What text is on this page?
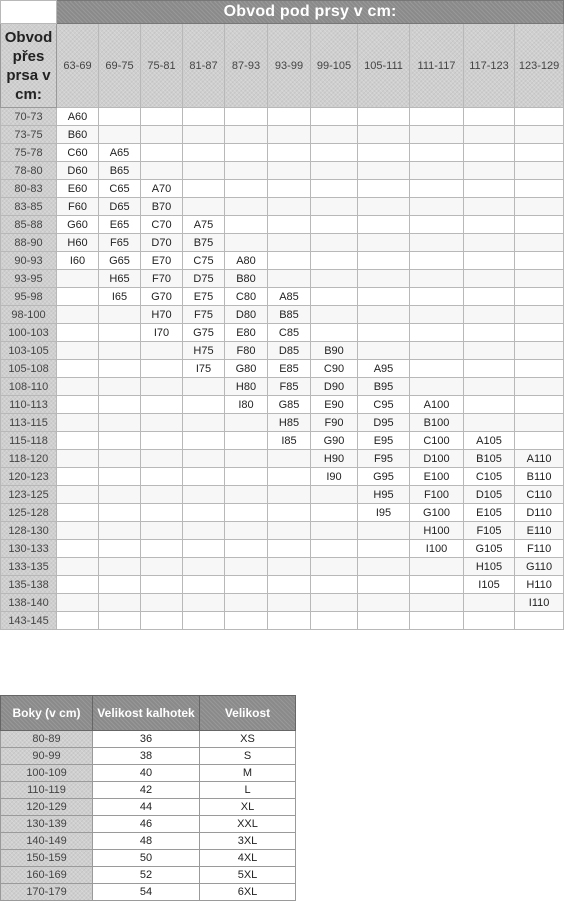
	Obvod pod prsy v cm:										
Obvod přes prsa v cm:	63-69	69-75	75-81	81-87	87-93	93-99	99-105	105-111	111-117	117-123	123-129
70-73	A60										
73-75	B60										
75-78	C60	A65									
78-80	D60	B65									
80-83	E60	C65	A70								
83-85	F60	D65	B70								
85-88	G60	E65	C70	A75							
88-90	H60	F65	D70	B75							
90-93	I60	G65	E70	C75	A80						
93-95		H65	F70	D75	B80						
95-98		I65	G70	E75	C80	A85					
98-100			H70	F75	D80	B85					
100-103			I70	G75	E80	C85					
103-105				H75	F80	D85	B90				
105-108				I75	G80	E85	C90	A95			
108-110					H80	F85	D90	B95			
110-113					I80	G85	E90	C95	A100		
113-115						H85	F90	D95	B100		
115-118						I85	G90	E95	C100	A105	
118-120							H90	F95	D100	B105	A110
120-123							I90	G95	E100	C105	B110
123-125								H95	F100	D105	C110
125-128								I95	G100	E105	D110
128-130									H100	F105	E110
130-133									I100	G105	F110
133-135										H105	G110
135-138										I105	H110
138-140											I110
143-145											
Boky (v cm)	Velikost kalhotek	Velikost
80-89	36	XS
90-99	38	S
100-109	40	M
110-119	42	L
120-129	44	XL
130-139	46	XXL
140-149	48	3XL
150-159	50	4XL
160-169	52	5XL
170-179	54	6XL
